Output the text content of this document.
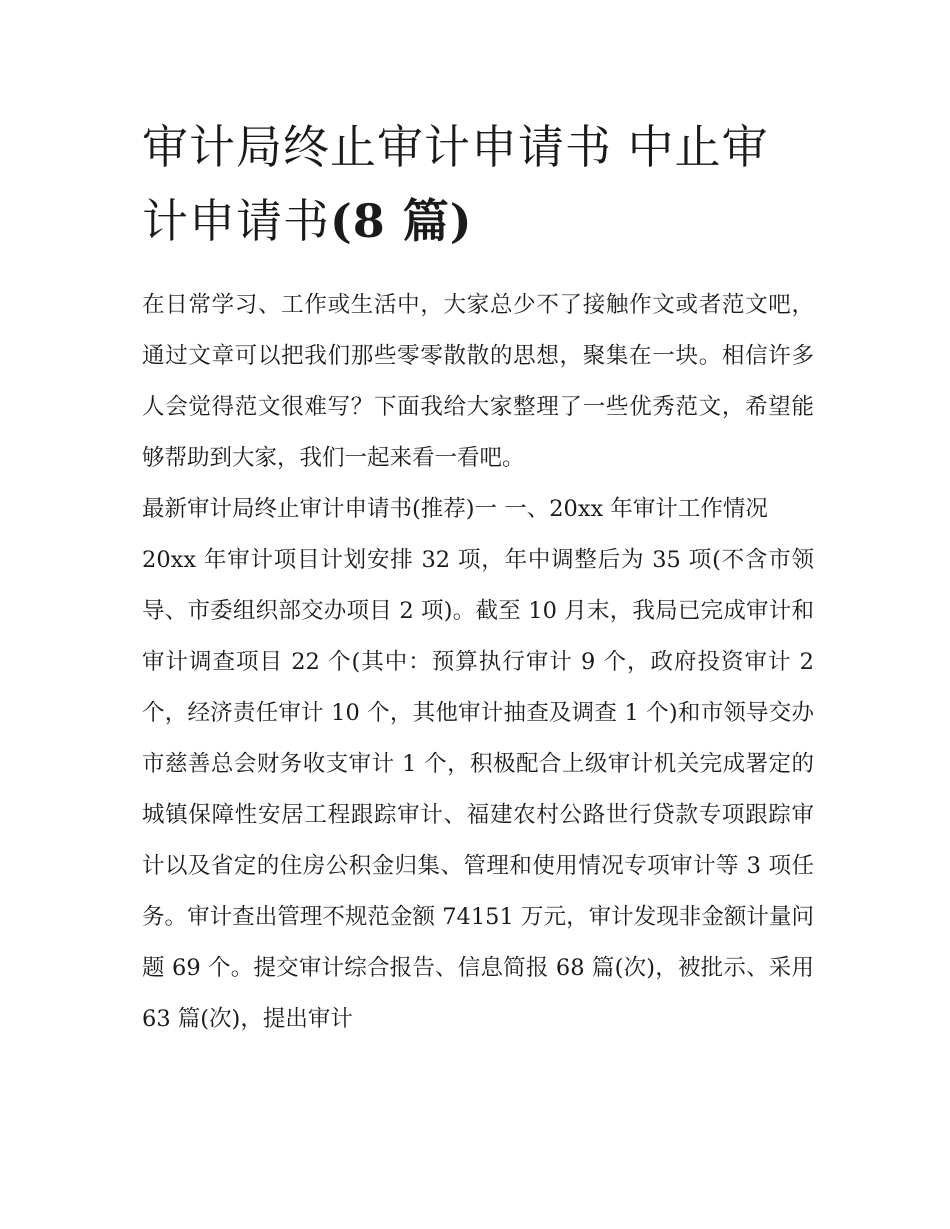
审计局终止审计申请书 中止审计申请书(8 篇)

在日常学习、工作或生活中，大家总少不了接触作文或者范文吧，通过文章可以把我们那些零零散散的思想，聚集在一块。相信许多人会觉得范文很难写？下面我给大家整理了一些优秀范文，希望能够帮助到大家，我们一起来看一看吧。

最新审计局终止审计申请书(推荐)一 一、20xx 年审计工作情况

20xx 年审计项目计划安排 32 项，年中调整后为 35 项(不含市领导、市委组织部交办项目 2 项)。截至 10 月末，我局已完成审计和审计调查项目 22 个(其中：预算执行审计 9 个，政府投资审计 2 个，经济责任审计 10 个，其他审计抽查及调查 1 个)和市领导交办市慈善总会财务收支审计 1 个，积极配合上级审计机关完成署定的城镇保障性安居工程跟踪审计、福建农村公路世行贷款专项跟踪审计以及省定的住房公积金归集、管理和使用情况专项审计等 3 项任务。审计查出管理不规范金额 74151 万元，审计发现非金额计量问题 69 个。提交审计综合报告、信息简报 68 篇(次)，被批示、采用 63 篇(次)，提出审计
